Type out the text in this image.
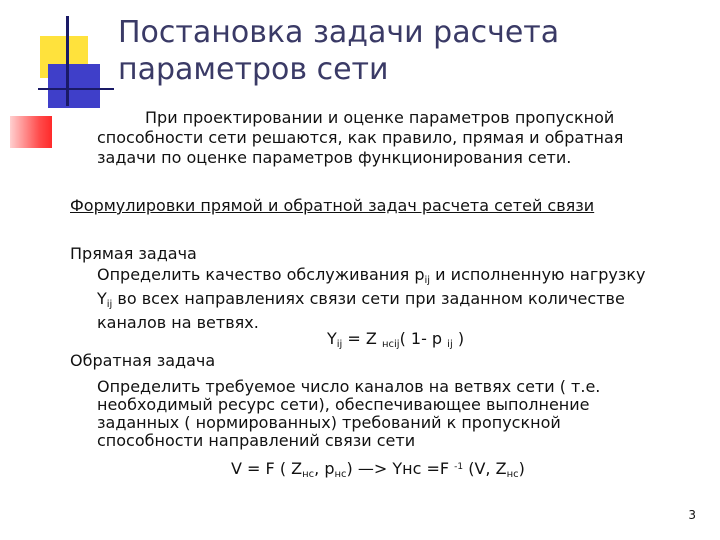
Постановка задачи расчета
параметров сети
При проектировании и оценке параметров пропускной
способности сети решаются, как правило, прямая и обратная
задачи по оценке параметров функционирования сети.
Формулировки прямой и обратной задач расчета сетей связи
Прямая задача
Определить качество обслуживания $p_{ij}$ и исполненную нагрузку
$Y_{ij}$ во всех направлениях связи сети при заданном количестве
каналов на ветвях.
$Y_{ij} = Z$ $_{нсij}$( 1- p $_{ij}$ )
Обратная задача
Определить требуемое число каналов на ветвях сети ( т.е.
необходимый ресурс сети), обеспечивающее выполнение
заданных ( нормированных) требований к пропускной
способности направлений связи сети
V = F ( $Z_{нс}$, $p_{нс}$) —> Yнс =F $^{-1}$ (V, $Z_{нс}$)
3
